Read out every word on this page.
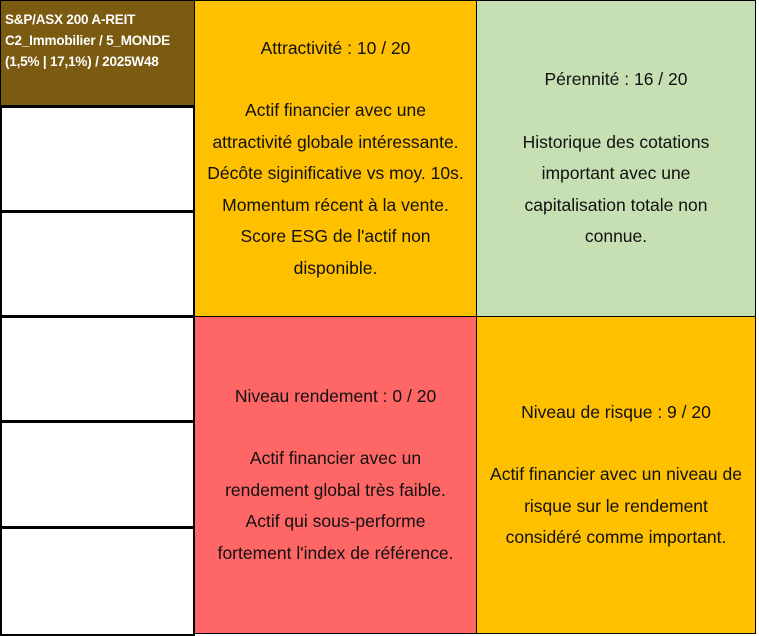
S&P/ASX 200 A-REIT
C2_Immobilier / 5_MONDE
(1,5% | 17,1%) / 2025W48
Attractivité : 10 / 20
Actif financier avec une
attractivité globale intéressante.
Décôte siginificative vs moy. 10s.
Momentum récent à la vente.
Score ESG de l'actif non
disponible.
Pérennité : 16 / 20
Historique des cotations
important avec une
capitalisation totale non
connue.
Niveau rendement : 0 / 20
Actif financier avec un
rendement global très faible.
Actif qui sous-performe
fortement l'index de référence.
Niveau de risque : 9 / 20
Actif financier avec un niveau de
risque sur le rendement
considéré comme important.
